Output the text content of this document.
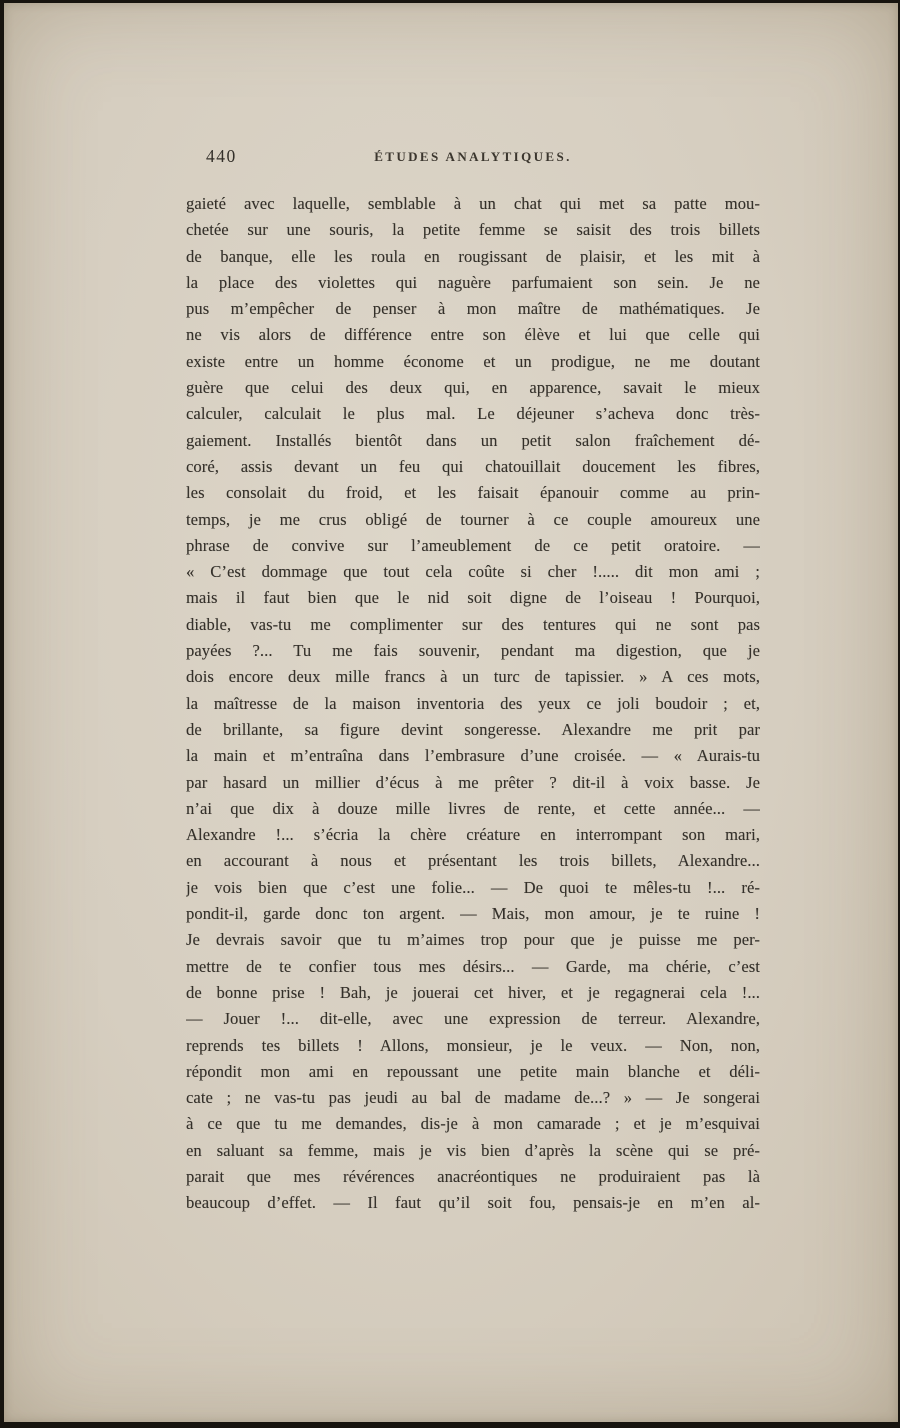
440	ÉTUDES ANALYTIQUES.
gaieté avec laquelle, semblable à un chat qui met sa patte mou-
chetée sur une souris, la petite femme se saisit des trois billets
de banque, elle les roula en rougissant de plaisir, et les mit à
la place des violettes qui naguère parfumaient son sein. Je ne
pus m’empêcher de penser à mon maître de mathématiques. Je
ne vis alors de différence entre son élève et lui que celle qui
existe entre un homme économe et un prodigue, ne me doutant
guère que celui des deux qui, en apparence, savait le mieux
calculer, calculait le plus mal. Le déjeuner s’acheva donc très-
gaiement. Installés bientôt dans un petit salon fraîchement dé-
coré, assis devant un feu qui chatouillait doucement les fibres,
les consolait du froid, et les faisait épanouir comme au prin-
temps, je me crus obligé de tourner à ce couple amoureux une
phrase de convive sur l’ameublement de ce petit oratoire. —
« C’est dommage que tout cela coûte si cher !..... dit mon ami ;
mais il faut bien que le nid soit digne de l’oiseau ! Pourquoi,
diable, vas-tu me complimenter sur des tentures qui ne sont pas
payées ?... Tu me fais souvenir, pendant ma digestion, que je
dois encore deux mille francs à un turc de tapissier. » A ces mots,
la maîtresse de la maison inventoria des yeux ce joli boudoir ; et,
de brillante, sa figure devint songeresse. Alexandre me prit par
la main et m’entraîna dans l’embrasure d’une croisée. — « Aurais-tu
par hasard un millier d’écus à me prêter ? dit-il à voix basse. Je
n’ai que dix à douze mille livres de rente, et cette année... —
Alexandre !... s’écria la chère créature en interrompant son mari,
en accourant à nous et présentant les trois billets, Alexandre...
je vois bien que c’est une folie... — De quoi te mêles-tu !... ré-
pondit-il, garde donc ton argent. — Mais, mon amour, je te ruine !
Je devrais savoir que tu m’aimes trop pour que je puisse me per-
mettre de te confier tous mes désirs... — Garde, ma chérie, c’est
de bonne prise ! Bah, je jouerai cet hiver, et je regagnerai cela !...
— Jouer !... dit-elle, avec une expression de terreur. Alexandre,
reprends tes billets ! Allons, monsieur, je le veux. — Non, non,
répondit mon ami en repoussant une petite main blanche et déli-
cate ; ne vas-tu pas jeudi au bal de madame de...? » — Je songerai
à ce que tu me demandes, dis-je à mon camarade ; et je m’esquivai
en saluant sa femme, mais je vis bien d’après la scène qui se pré-
parait que mes révérences anacréontiques ne produiraient pas là
beaucoup d’effet. — Il faut qu’il soit fou, pensais-je en m’en al-
